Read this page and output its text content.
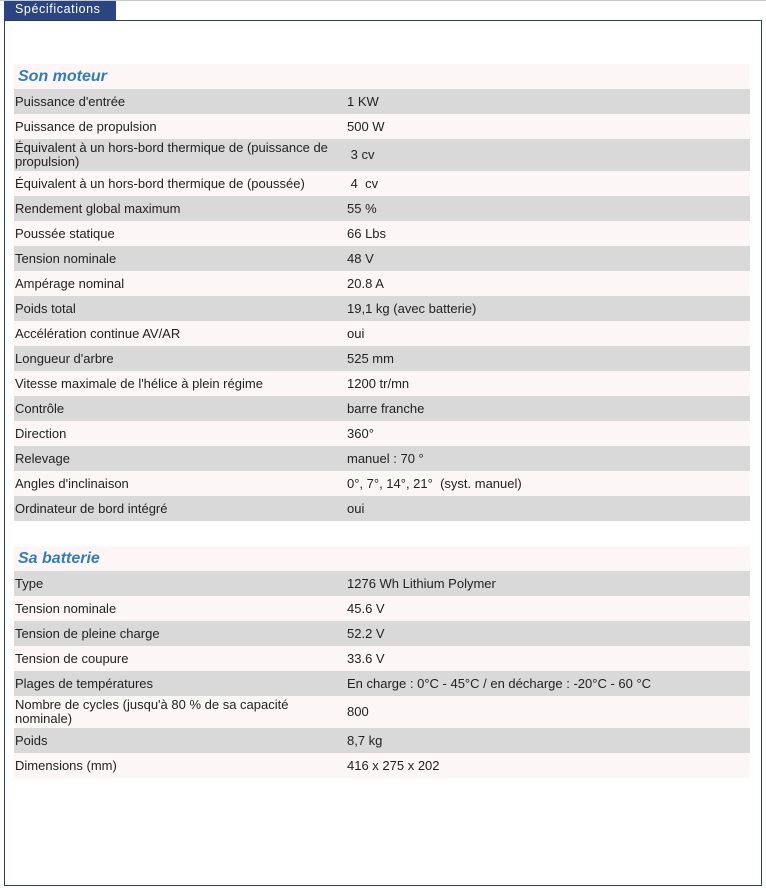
Spécifications
Son moteur
Puissance d'entrée	1 KW
Puissance de propulsion	500 W
Équivalent à un hors-bord thermique de (puissance de propulsion)	3 cv
Équivalent à un hors-bord thermique de (poussée)	4  cv
Rendement global maximum	55 %
Poussée statique	66 Lbs
Tension nominale	48 V
Ampérage nominal	20.8 A
Poids total	19,1 kg (avec batterie)
Accélération continue AV/AR	oui
Longueur d'arbre	525 mm
Vitesse maximale de l'hélice à plein régime	1200 tr/mn
Contrôle	barre franche
Direction	360°
Relevage	manuel : 70 °
Angles d'inclinaison	0°, 7°, 14°, 21°  (syst. manuel)
Ordinateur de bord intégré	oui
Sa batterie
Type	1276 Wh Lithium Polymer
Tension nominale	45.6 V
Tension de pleine charge	52.2 V
Tension de coupure	33.6 V
Plages de températures	En charge : 0°C - 45°C / en décharge : -20°C - 60 °C
Nombre de cycles (jusqu'à 80 % de sa capacité nominale)	800
Poids	8,7 kg
Dimensions (mm)	416 x 275 x 202
